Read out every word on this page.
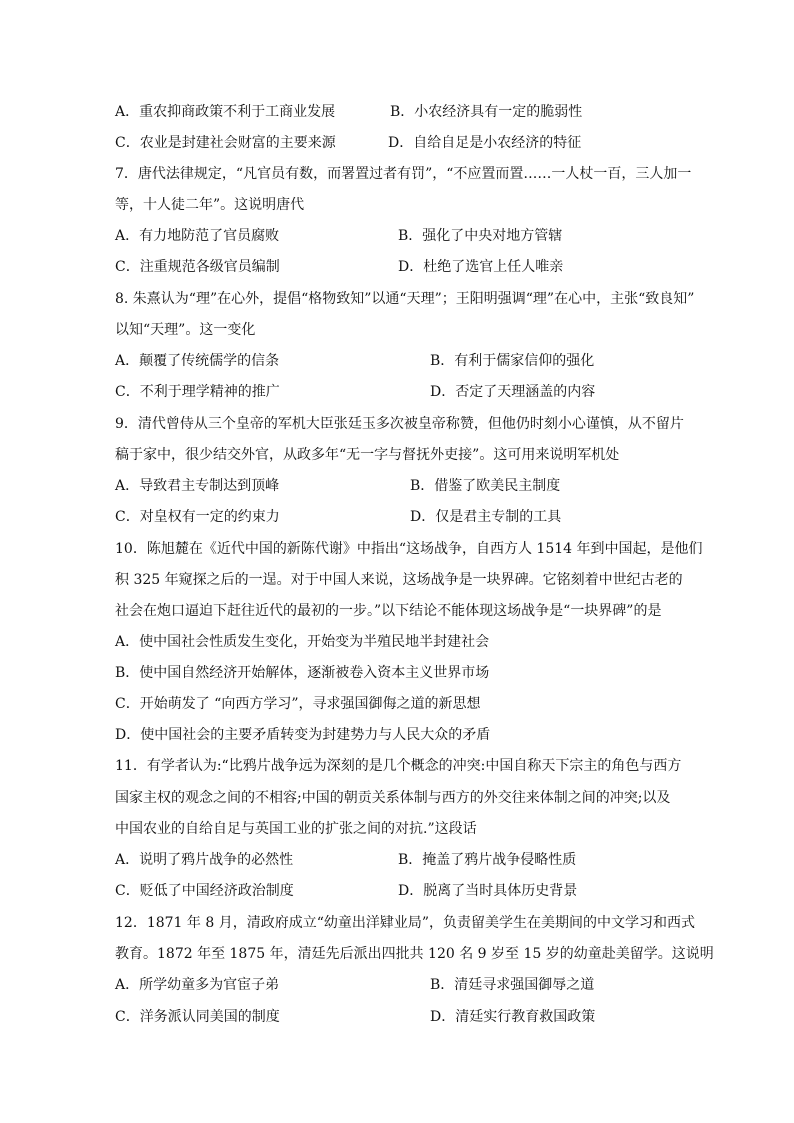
A．重农抑商政策不利于工商业发展	B．小农经济具有一定的脆弱性
C．农业是封建社会财富的主要来源	D．自给自足是小农经济的特征
7．唐代法律规定，“凡官员有数，而署置过者有罚”，“不应置而置……一人杖一百，三人加一
等，十人徒二年”。这说明唐代
A．有力地防范了官员腐败	B．强化了中央对地方管辖
C．注重规范各级官员编制	D．杜绝了选官上任人唯亲
8. 朱熹认为“理”在心外，提倡“格物致知”以通“天理”；王阳明强调“理”在心中，主张“致良知”
以知“天理”。这一变化
A．颠覆了传统儒学的信条	B．有利于儒家信仰的强化
C．不利于理学精神的推广	D．否定了天理涵盖的内容
9．清代曾侍从三个皇帝的军机大臣张廷玉多次被皇帝称赞，但他仍时刻小心谨慎，从不留片
稿于家中，很少结交外官，从政多年“无一字与督抚外吏接”。这可用来说明军机处
A．导致君主专制达到顶峰	B．借鉴了欧美民主制度
C．对皇权有一定的约束力	D．仅是君主专制的工具
10．陈旭麓在《近代中国的新陈代谢》中指出“这场战争，自西方人 1514 年到中国起，是他们
积 325 年窥探之后的一逞。对于中国人来说，这场战争是一块界碑。它铭刻着中世纪古老的
社会在炮口逼迫下赶往近代的最初的一步。”以下结论不能体现这场战争是“一块界碑”的是
A．使中国社会性质发生变化，开始变为半殖民地半封建社会
B．使中国自然经济开始解体，逐渐被卷入资本主义世界市场
C．开始萌发了 “向西方学习”，寻求强国御侮之道的新思想
D．使中国社会的主要矛盾转变为封建势力与人民大众的矛盾
11．有学者认为:“比鸦片战争远为深刻的是几个概念的冲突:中国自称天下宗主的角色与西方
国家主权的观念之间的不相容;中国的朝贡关系体制与西方的外交往来体制之间的冲突;以及
中国农业的自给自足与英国工业的扩张之间的对抗.”这段话
A．说明了鸦片战争的必然性	B．掩盖了鸦片战争侵略性质
C．贬低了中国经济政治制度	D．脱离了当时具体历史背景
12．1871 年 8 月，清政府成立“幼童出洋肄业局”，负责留美学生在美期间的中文学习和西式
教育。1872 年至 1875 年，清廷先后派出四批共 120 名 9 岁至 15 岁的幼童赴美留学。这说明
A．所学幼童多为官宦子弟	B．清廷寻求强国御辱之道
C．洋务派认同美国的制度	D．清廷实行教育救国政策
